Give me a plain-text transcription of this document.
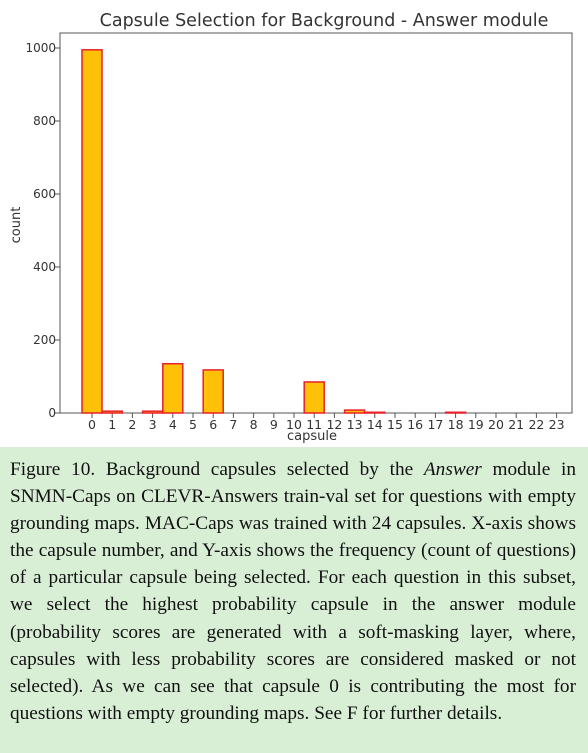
0
200
400
600
800
1000
0 1 2 3 4 5 6 7 8 9 10 11 12 13 14 15 16 17 18 19 20 21 22 23
Capsule Selection for Background - Answer module
capsule
count
Figure 10. Background capsules selected by the Answer module in SNMN-Caps on CLEVR-Answers train-val set for questions with empty grounding maps. MAC-Caps was trained with 24 capsules. X-axis shows the capsule number, and Y-axis shows the frequency (count of questions) of a particular capsule being selected. For each question in this subset, we select the highest probability capsule in the answer module (probability scores are generated with a soft-masking layer, where, capsules with less probability scores are considered masked or not selected). As we can see that capsule 0 is contributing the most for questions with empty grounding maps. See F for further details.
